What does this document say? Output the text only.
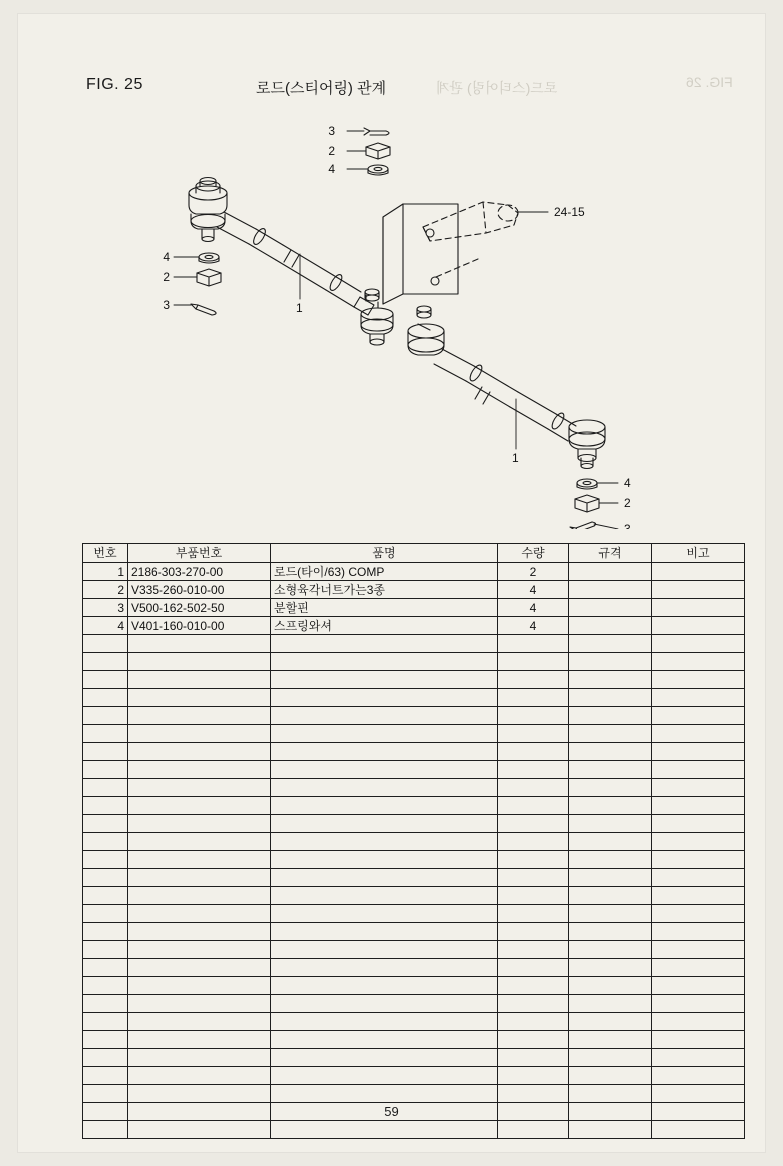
FIG. 25	로드(스티어링) 관계	로드(스티어링) 관계	FIG. 26
3
2
4
4
2
3
4
2
3
1
1
24-15

번호	부품번호	품명	수량	규격	비고
1	2186-303-270-00	로드(타이/63) COMP	2		
2	V335-260-010-00	소형육각너트가는3종	4		
3	V500-162-502-50	분할핀	4		
4	V401-160-010-00	스프링와셔	4		

59
